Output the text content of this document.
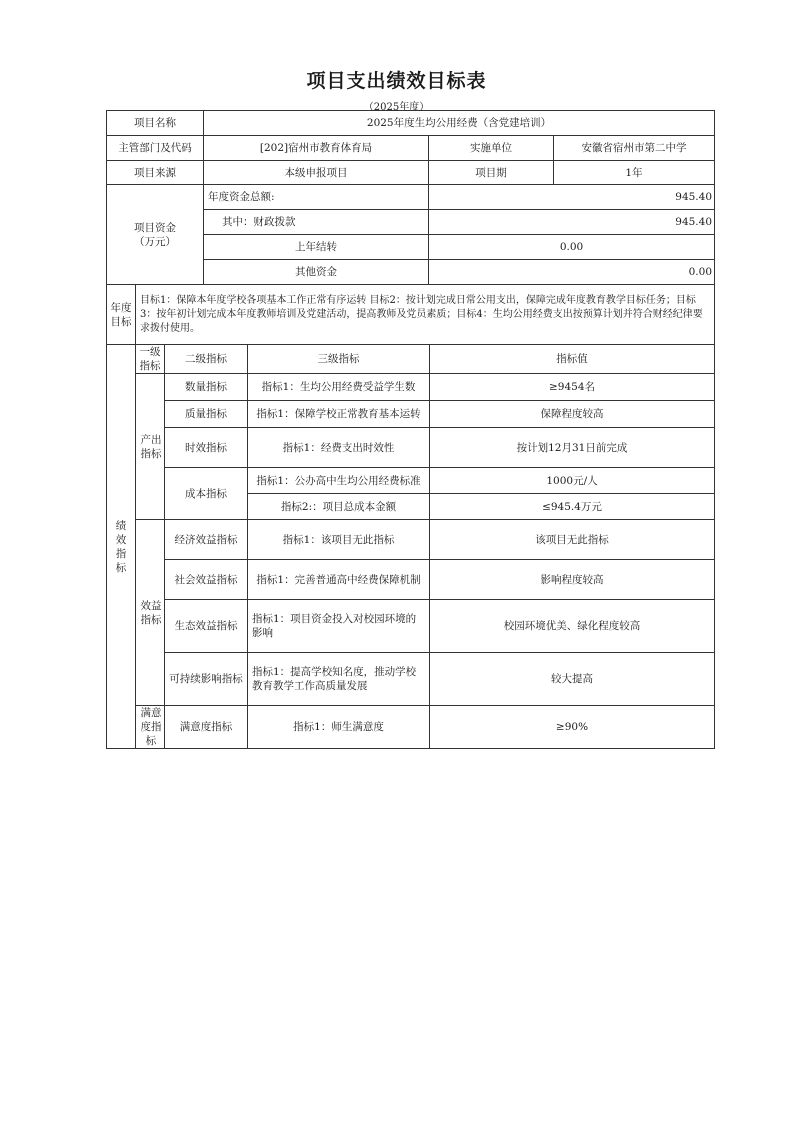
项目支出绩效目标表
（2025年度）
项目名称	2025年度生均公用经费（含党建培训）		
主管部门及代码	[202]宿州市教育体育局	实施单位	安徽省宿州市第二中学
项目来源	本级申报项目	项目期	1年

项目资金
（万元）	年度资金总额:	945.40	
	其中：财政拨款	945.40	
	上年结转	0.00	
	其他资金	0.00	
年度
目标
	目标1：保障本年度学校各项基本工作正常有序运转 目标2：按计划完成日常公用支出，保障完成年度教育教学目标任务；目标3：按年初计划完成本年度教师培训及党建活动，提高教师及党员素质；目标4：生均公用经费支出按预算计划并符合财经纪律要求拨付使用。
绩效指标	一级指标	二级指标	三级指标	指标值

	产出指标	数量指标	指标1：生均公用经费受益学生数	≥9454名
		质量指标	指标1：保障学校正常教育基本运转	保障程度较高
		时效指标	指标1：经费支出时效性	按计划12月31日前完成
		成本指标	指标1：公办高中生均公用经费标准	1000元/人
			指标2:：项目总成本金额	≤945.4万元

	效益指标	经济效益指标	指标1：该项目无此指标	该项目无此指标
		社会效益指标	指标1：完善普通高中经费保障机制	影响程度较高
		生态效益指标	指标1：项目资金投入对校园环境的影响	校园环境优美、绿化程度较高
		可持续影响指标	指标1：提高学校知名度，推动学校教育教学工作高质量发展	较大提高

	满意度指标	满意度指标	指标1：师生满意度	≥90%
